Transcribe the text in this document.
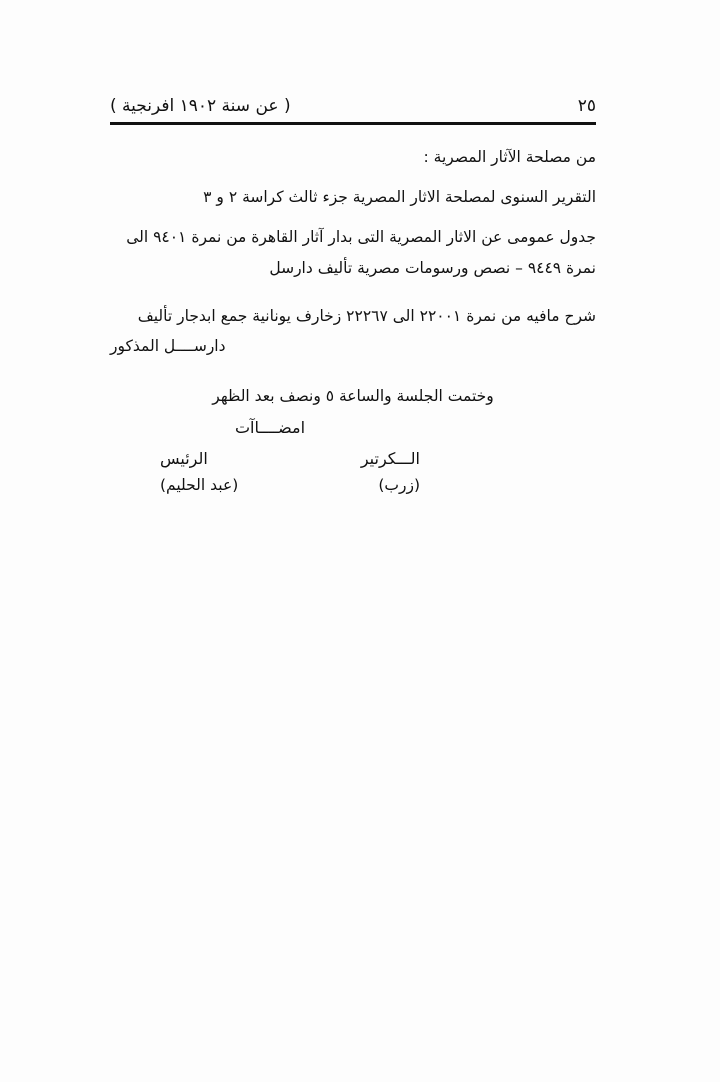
( عن سنة ١٩٠٢ افرنجية )	٢٥

من مصلحة الآثار المصرية :

التقرير السنوى لمصلحة الاثار المصرية جزء ثالث كراسة ٢ و ٣

جدول عمومى عن الاثار المصرية التى بدار آثار القاهرة من نمرة ٩٤٠١ الى
نمرة ٩٤٤٩ – نصص ورسومات مصرية تأليف دارسل

شرح مافيه من نمرة ٢٢٠٠١ الى ٢٢٢٦٧ زخارف يونانية جمع ابدجار تأليف
دارســــل المذكور

وختمت الجلسة والساعة ٥ ونصف بعد الظهر

امضــــاآت
الـــكرتير
الرئيس
(زرب)
(عبد الحليم)
